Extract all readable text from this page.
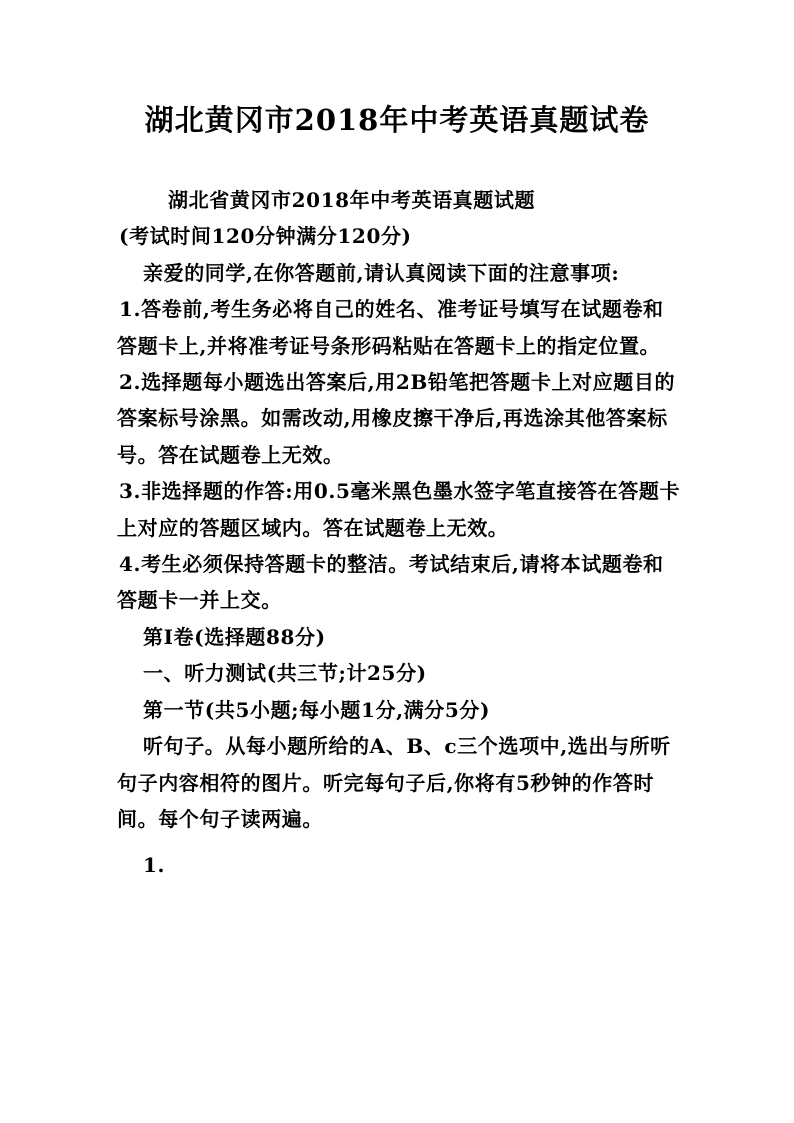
湖北黄冈市2018年中考英语真题试卷

湖北省黄冈市2018年中考英语真题试题

(考试时间120分钟满分120分)

亲爱的同学,在你答题前,请认真阅读下面的注意事项:

1.答卷前,考生务必将自己的姓名、准考证号填写在试题卷和答题卡上,并将准考证号条形码粘贴在答题卡上的指定位置。

2.选择题每小题选出答案后,用2B铅笔把答题卡上对应题目的答案标号涂黑。如需改动,用橡皮擦干净后,再选涂其他答案标号。答在试题卷上无效。

3.非选择题的作答:用0.5毫米黑色墨水签字笔直接答在答题卡上对应的答题区域内。答在试题卷上无效。

4.考生必须保持答题卡的整洁。考试结束后,请将本试题卷和答题卡一并上交。

第Ⅰ卷(选择题88分)

一、听力测试(共三节;计25分)

第一节(共5小题;每小题1分,满分5分)

听句子。从每小题所给的A、B、c三个选项中,选出与所听句子内容相符的图片。听完每句子后,你将有5秒钟的作答时间。每个句子读两遍。

1.
